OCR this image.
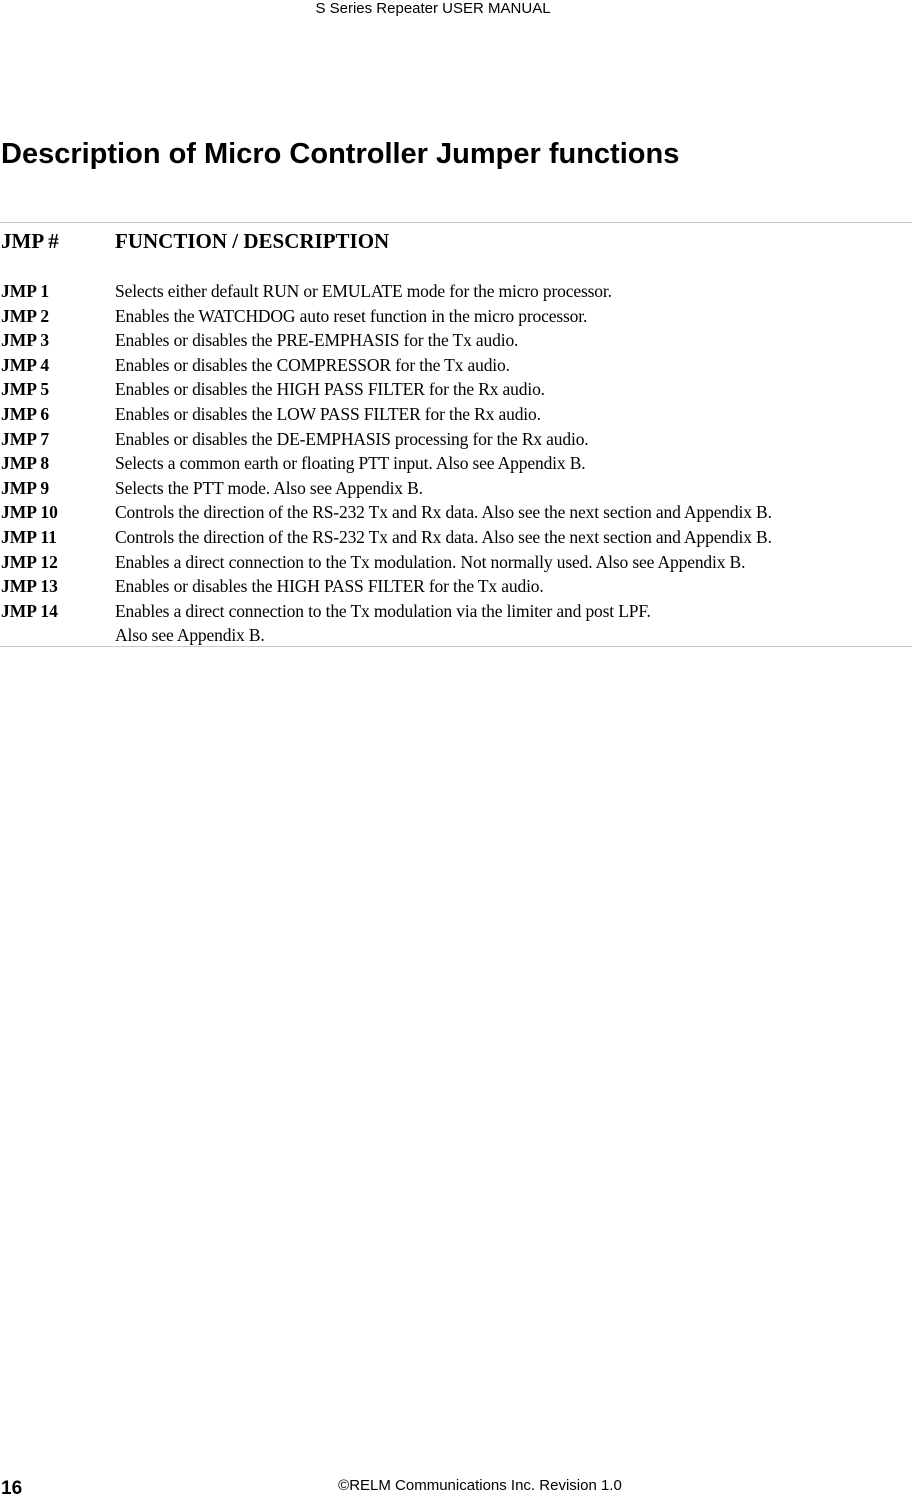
S Series Repeater USER MANUAL
Description of Micro Controller Jumper functions
JMP #	FUNCTION / DESCRIPTION
JMP 1	Selects either default RUN or EMULATE mode for the micro processor.
JMP 2	Enables the WATCHDOG auto reset function in the micro processor.
JMP 3	Enables or disables the PRE-EMPHASIS for the Tx audio.
JMP 4	Enables or disables the COMPRESSOR for the Tx audio.
JMP 5	Enables or disables the HIGH PASS FILTER for the Rx audio.
JMP 6	Enables or disables the LOW PASS FILTER for the Rx audio.
JMP 7	Enables or disables the DE-EMPHASIS processing for the Rx audio.
JMP 8	Selects a common earth or floating PTT input. Also see Appendix B.
JMP 9	Selects the PTT mode. Also see Appendix B.
JMP 10	Controls the direction of the RS-232 Tx and Rx data. Also see the next section and Appendix B.
JMP 11	Controls the direction of the RS-232 Tx and Rx data. Also see the next section and Appendix B.
JMP 12	Enables a direct connection to the Tx modulation. Not normally used. Also see Appendix B.
JMP 13	Enables or disables the HIGH PASS FILTER for the Tx audio.
JMP 14	Enables a direct connection to the Tx modulation via the limiter and post LPF.
Also see Appendix B.
16	©RELM Communications Inc. Revision 1.0
